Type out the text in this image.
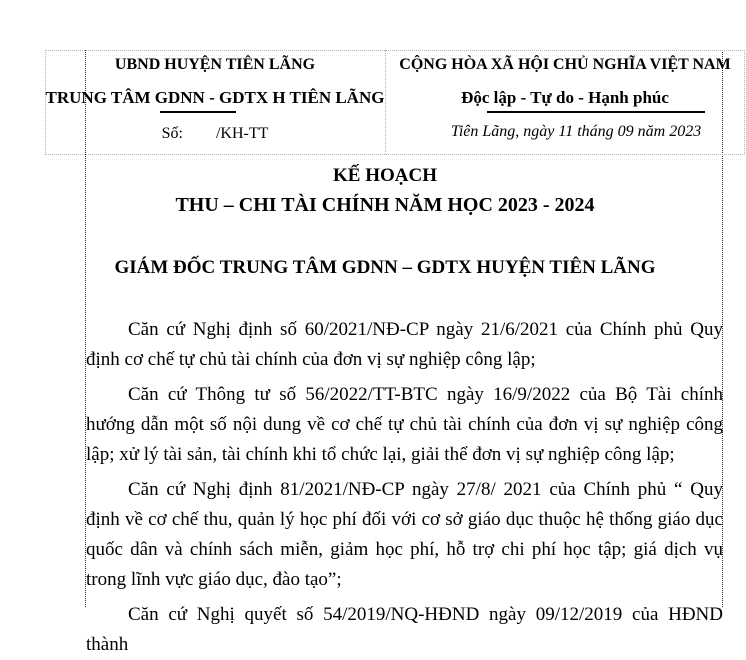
UBND HUYỆN TIÊN LÃNG
TRUNG TÂM GDNN - GDTX H TIÊN LÃNG
Số: /KH-TT
CỘNG HÒA XÃ HỘI CHỦ NGHĨA VIỆT NAM
Độc lập - Tự do - Hạnh phúc
Tiên Lãng, ngày 11 tháng 09 năm 2023
KẾ HOẠCH
THU – CHI TÀI CHÍNH NĂM HỌC 2023 - 2024
GIÁM ĐỐC TRUNG TÂM GDNN – GDTX HUYỆN TIÊN LÃNG

Căn cứ Nghị định số 60/2021/NĐ-CP ngày 21/6/2021 của Chính phủ Quy định cơ chế tự chủ tài chính của đơn vị sự nghiệp công lập;

Căn cứ Thông tư số 56/2022/TT-BTC ngày 16/9/2022 của Bộ Tài chính hướng dẫn một số nội dung về cơ chế tự chủ tài chính của đơn vị sự nghiệp công lập; xử lý tài sản, tài chính khi tổ chức lại, giải thể đơn vị sự nghiệp công lập;

Căn cứ Nghị định 81/2021/NĐ-CP ngày 27/8/ 2021 của Chính phủ “ Quy định về cơ chế thu, quản lý học phí đối với cơ sở giáo dục thuộc hệ thống giáo dục quốc dân và chính sách miễn, giảm học phí, hỗ trợ chi phí học tập; giá dịch vụ trong lĩnh vực giáo dục, đào tạo”;

Căn cứ Nghị quyết số 54/2019/NQ-HĐND ngày 09/12/2019 của HĐND thành
